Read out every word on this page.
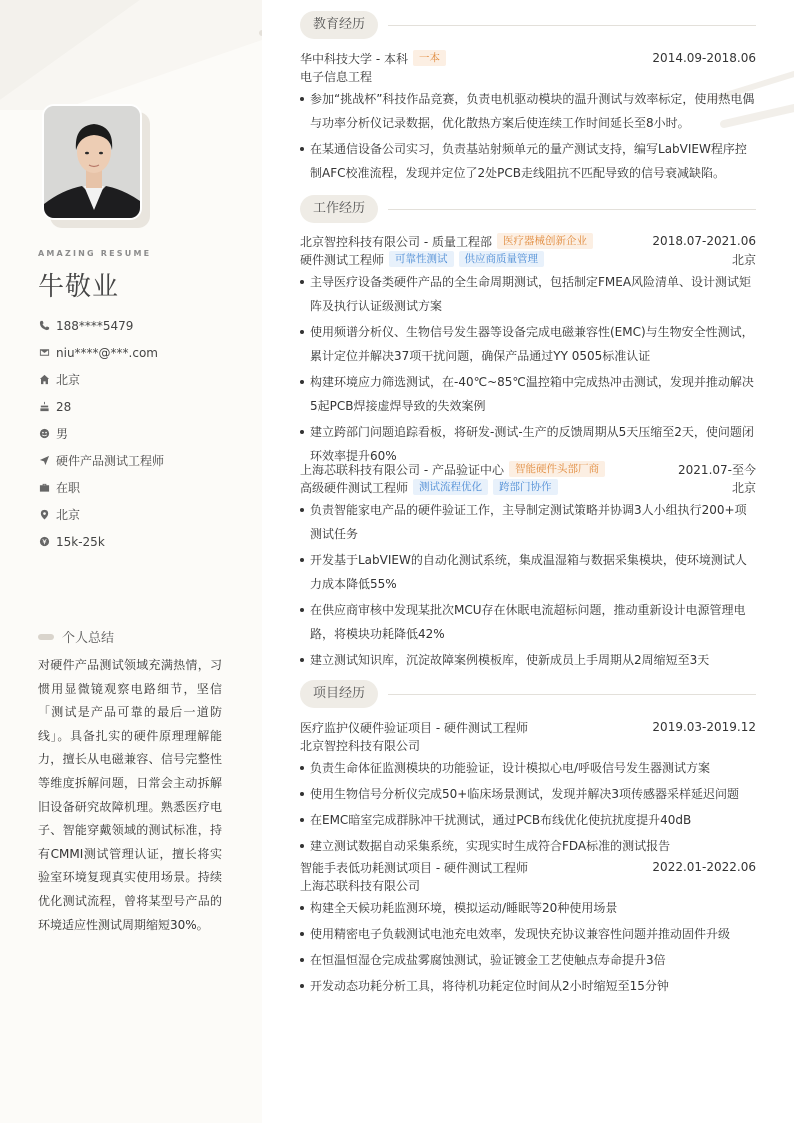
AMAZING RESUME
牛敬业
188****5479
niu****@***.com
北京
28
男
硬件产品测试工程师
在职
北京
15k-25k
个人总结
对硬件产品测试领域充满热情，习惯用显微镜观察电路细节，坚信「测试是产品可靠的最后一道防线」。具备扎实的硬件原理理解能力，擅长从电磁兼容、信号完整性等维度拆解问题，日常会主动拆解旧设备研究故障机理。熟悉医疗电子、智能穿戴领域的测试标准，持有CMMI测试管理认证，擅长将实验室环境复现真实使用场景。持续优化测试流程，曾将某型号产品的环境适应性测试周期缩短30%。
教育经历
华中科技大学 - 本科	一本	2014.09-2018.06
电子信息工程
参加“挑战杯”科技作品竞赛，负责电机驱动模块的温升测试与效率标定，使用热电偶与功率分析仪记录数据，优化散热方案后使连续工作时间延长至8小时。
在某通信设备公司实习，负责基站射频单元的量产测试支持，编写LabVIEW程序控制AFC校准流程，发现并定位了2处PCB走线阻抗不匹配导致的信号衰减缺陷。
工作经历
北京智控科技有限公司 - 质量工程部	医疗器械创新企业	2018.07-2021.06
硬件测试工程师	可靠性测试	供应商质量管理	北京
主导医疗设备类硬件产品的全生命周期测试，包括制定FMEA风险清单、设计测试矩阵及执行认证级测试方案
使用频谱分析仪、生物信号发生器等设备完成电磁兼容性(EMC)与生物安全性测试，累计定位并解决37项干扰问题，确保产品通过YY 0505标准认证
构建环境应力筛选测试，在-40℃~85℃温控箱中完成热冲击测试，发现并推动解决5起PCB焊接虚焊导致的失效案例
建立跨部门问题追踪看板，将研发-测试-生产的反馈周期从5天压缩至2天，使问题闭环效率提升60%
上海芯联科技有限公司 - 产品验证中心	智能硬件头部厂商	2021.07-至今
高级硬件测试工程师	测试流程优化	跨部门协作	北京
负责智能家电产品的硬件验证工作，主导制定测试策略并协调3人小组执行200+项测试任务
开发基于LabVIEW的自动化测试系统，集成温湿箱与数据采集模块，使环境测试人力成本降低55%
在供应商审核中发现某批次MCU存在休眠电流超标问题，推动重新设计电源管理电路，将模块功耗降低42%
建立测试知识库，沉淀故障案例模板库，使新成员上手周期从2周缩短至3天
项目经历
医疗监护仪硬件验证项目 - 硬件测试工程师	2019.03-2019.12
北京智控科技有限公司
负责生命体征监测模块的功能验证，设计模拟心电/呼吸信号发生器测试方案
使用生物信号分析仪完成50+临床场景测试，发现并解决3项传感器采样延迟问题
在EMC暗室完成群脉冲干扰测试，通过PCB布线优化使抗扰度提升40dB
建立测试数据自动采集系统，实现实时生成符合FDA标准的测试报告
智能手表低功耗测试项目 - 硬件测试工程师	2022.01-2022.06
上海芯联科技有限公司
构建全天候功耗监测环境，模拟运动/睡眠等20种使用场景
使用精密电子负载测试电池充电效率，发现快充协议兼容性问题并推动固件升级
在恒温恒湿仓完成盐雾腐蚀测试，验证镀金工艺使触点寿命提升3倍
开发动态功耗分析工具，将待机功耗定位时间从2小时缩短至15分钟
